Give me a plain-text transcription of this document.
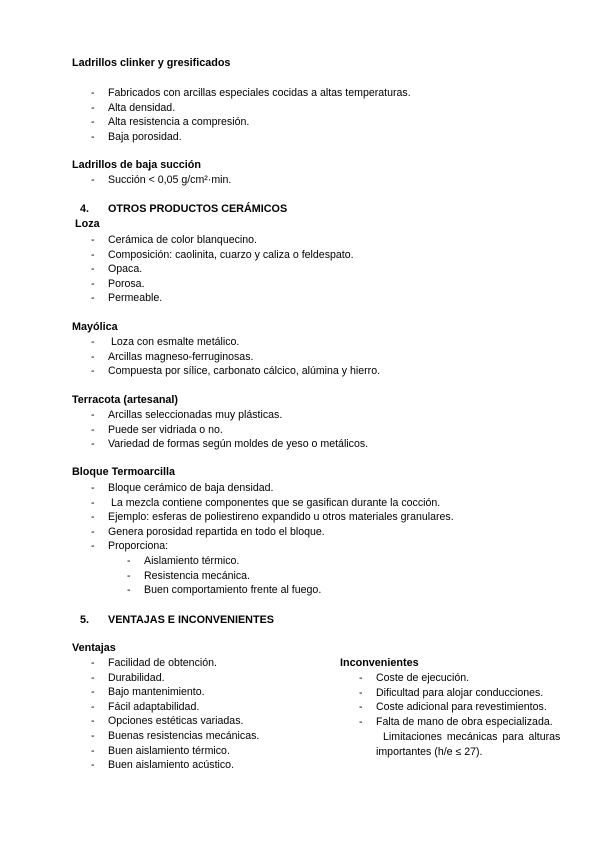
Ladrillos clinker y gresificados
- Fabricados con arcillas especiales cocidas a altas temperaturas.
- Alta densidad.
- Alta resistencia a compresión.
- Baja porosidad.
Ladrillos de baja succión
- Succión < 0,05 g/cm²·min.
4. OTROS PRODUCTOS CERÁMICOS
Loza
- Cerámica de color blanquecino.
- Composición: caolinita, cuarzo y caliza o feldespato.
- Opaca.
- Porosa.
- Permeable.
Mayólica
- Loza con esmalte metálico.
- Arcillas magneso-ferruginosas.
- Compuesta por sílice, carbonato cálcico, alúmina y hierro.
Terracota (artesanal)
- Arcillas seleccionadas muy plásticas.
- Puede ser vidriada o no.
- Variedad de formas según moldes de yeso o metálicos.
Bloque Termoarcilla
- Bloque cerámico de baja densidad.
- La mezcla contiene componentes que se gasifican durante la cocción.
- Ejemplo: esferas de poliestireno expandido u otros materiales granulares.
- Genera porosidad repartida en todo el bloque.
- Proporciona:
- Aislamiento térmico.
- Resistencia mecánica.
- Buen comportamiento frente al fuego.
5. VENTAJAS E INCONVENIENTES
Ventajas
- Facilidad de obtención.
- Durabilidad.
- Bajo mantenimiento.
- Fácil adaptabilidad.
- Opciones estéticas variadas.
- Buenas resistencias mecánicas.
- Buen aislamiento térmico.
- Buen aislamiento acústico.
Inconvenientes
- Coste de ejecución.
- Dificultad para alojar conducciones.
- Coste adicional para revestimientos.
- Falta de mano de obra especializada.
Limitaciones mecánicas para alturas
importantes (h/e ≤ 27).
